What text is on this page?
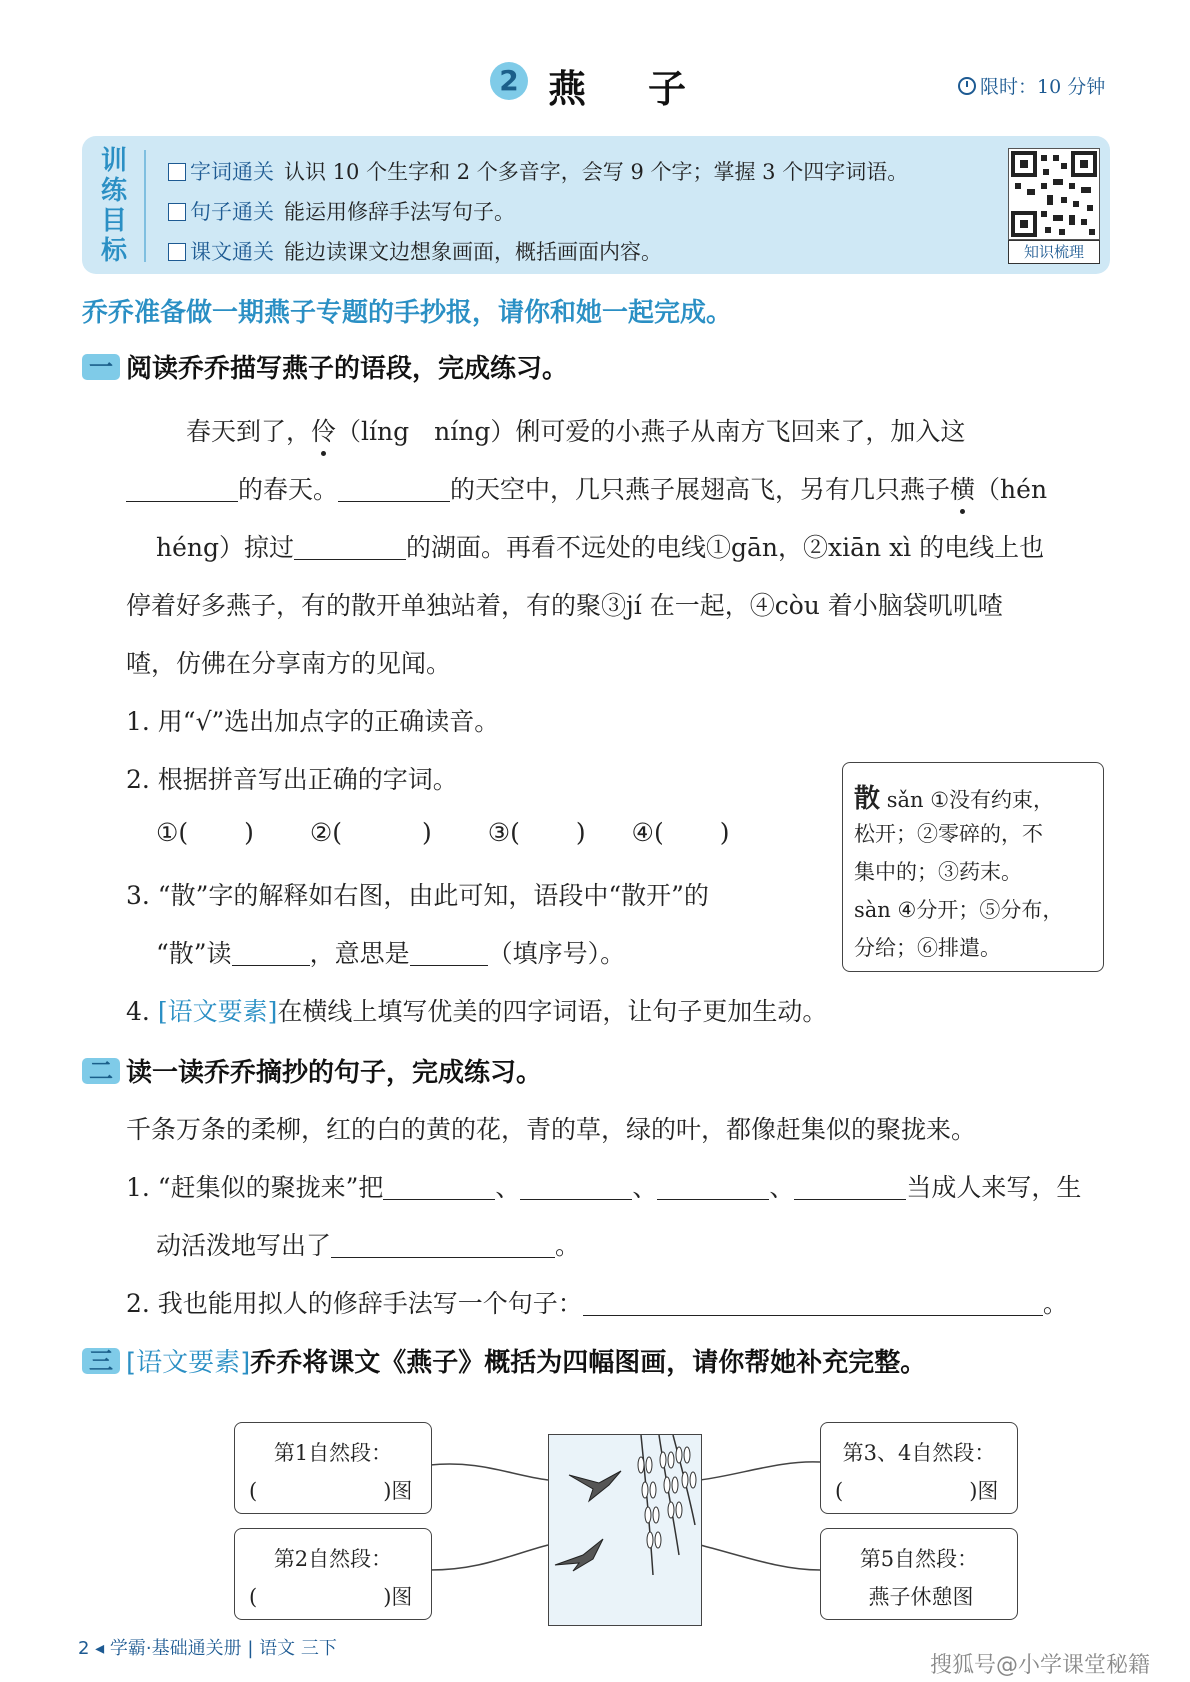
2 燕子	限时：10 分钟
训练目标
字词通关 认识 10 个生字和 2 个多音字，会写 9 个字；掌握 3 个四字词语。
句子通关 能运用修辞手法写句子。
课文通关 能边读课文边想象画面，概括画面内容。	知识梳理
乔乔准备做一期燕子专题的手抄报，请你和她一起完成。
一 阅读乔乔描写燕子的语段，完成练习。
春天到了，伶（líng　níng）俐可爱的小燕子从南方飞回来了，加入这
的春天。	的天空中，几只燕子展翅高飞，另有几只燕子横（hén
héng）掠过	的湖面。再看不远处的电线①gān，②xiān xì 的电线上也
停着好多燕子，有的散开单独站着，有的聚③jí 在一起，④còu 着小脑袋叽叽喳
喳，仿佛在分享南方的见闻。
1. 用“√”选出加点字的正确读音。
2. 根据拼音写出正确的字词。
①( ) ②(	) ③( ) ④( )
3. “散”字的解释如右图，由此可知，语段中“散开”的
“散”读	，意思是	（填序号）。
4. [语文要素]在横线上填写优美的四字词语，让句子更加生动。
散 sǎn ①没有约束，
松开；②零碎的，不
集中的；③药末。
sàn ④分开；⑤分布，
分给；⑥排遣。
二 读一读乔乔摘抄的句子，完成练习。
千条万条的柔柳，红的白的黄的花，青的草，绿的叶，都像赶集似的聚拢来。
1. “赶集似的聚拢来”把	、	、	、	当成人来写，生
动活泼地写出了	。
2. 我也能用拟人的修辞手法写一个句子：	。
三 [语文要素]乔乔将课文《燕子》概括为四幅图画，请你帮她补充完整。
第1自然段：
(　　　　　　)图
第2自然段：
(　　　　　　)图
第3、4自然段：
(　　　　　　)图
第5自然段：
燕子休憩图
2 ◂ 学霸·基础通关册 | 语文 三下
搜狐号@小学课堂秘籍
